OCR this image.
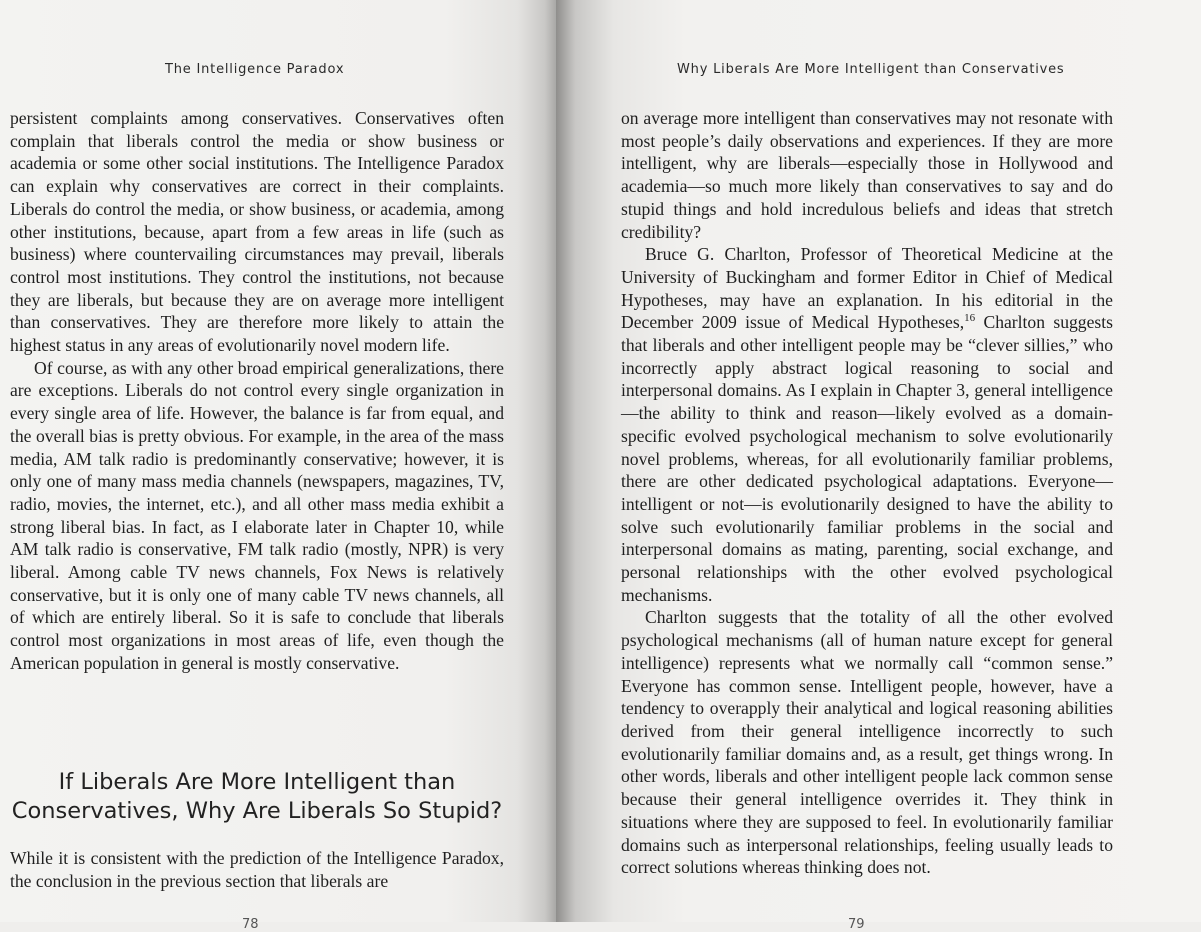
The Intelligence Paradox

persistent complaints among conservatives. Conservatives often complain that liberals control the media or show business or academia or some other social institutions. The Intelligence Paradox can explain why conservatives are correct in their complaints. Liberals do control the media, or show business, or academia, among other institutions, because, apart from a few areas in life (such as business) where countervailing circumstances may prevail, liberals control most institutions. They control the institutions, not because they are liberals, but because they are on average more intelligent than conservatives. They are therefore more likely to attain the highest status in any areas of evolutionarily novel modern life.

Of course, as with any other broad empirical generalizations, there are exceptions. Liberals do not control every single organization in every single area of life. However, the balance is far from equal, and the overall bias is pretty obvious. For example, in the area of the mass media, AM talk radio is predominantly conservative; however, it is only one of many mass media channels (newspapers, magazines, TV, radio, movies, the internet, etc.), and all other mass media exhibit a strong liberal bias. In fact, as I elaborate later in Chapter 10, while AM talk radio is conservative, FM talk radio (mostly, NPR) is very liberal. Among cable TV news channels, Fox News is relatively conservative, but it is only one of many cable TV news channels, all of which are entirely liberal. So it is safe to conclude that liberals control most organizations in most areas of life, even though the American population in general is mostly conservative.

If Liberals Are More Intelligent than
Conservatives, Why Are Liberals So Stupid?

While it is consistent with the prediction of the Intelligence Paradox, the conclusion in the previous section that liberals are

78
Why Liberals Are More Intelligent than Conservatives

on average more intelligent than conservatives may not resonate with most people’s daily observations and experiences. If they are more intelligent, why are liberals—especially those in Hollywood and academia—so much more likely than conservatives to say and do stupid things and hold incredulous beliefs and ideas that stretch credibility?

Bruce G. Charlton, Professor of Theoretical Medicine at the University of Buckingham and former Editor in Chief of Medical Hypotheses, may have an explanation. In his editorial in the December 2009 issue of Medical Hypotheses,$^{16}$ Charlton suggests that liberals and other intelligent people may be “clever sillies,” who incorrectly apply abstract logical reasoning to social and interpersonal domains. As I explain in Chapter 3, general intelligence—the ability to think and reason—likely evolved as a domain-specific evolved psychological mechanism to solve evolutionarily novel problems, whereas, for all evolutionarily familiar problems, there are other dedicated psychological adaptations. Everyone—intelligent or not—is evolutionarily designed to have the ability to solve such evolutionarily familiar problems in the social and interpersonal domains as mating, parenting, social exchange, and personal relationships with the other evolved psychological mechanisms.

Charlton suggests that the totality of all the other evolved psychological mechanisms (all of human nature except for general intelligence) represents what we normally call “common sense.” Everyone has common sense. Intelligent people, however, have a tendency to overapply their analytical and logical reasoning abilities derived from their general intelligence incorrectly to such evolutionarily familiar domains and, as a result, get things wrong. In other words, liberals and other intelligent people lack common sense because their general intelligence overrides it. They think in situations where they are supposed to feel. In evolutionarily familiar domains such as interpersonal relationships, feeling usually leads to correct solutions whereas thinking does not.

79
